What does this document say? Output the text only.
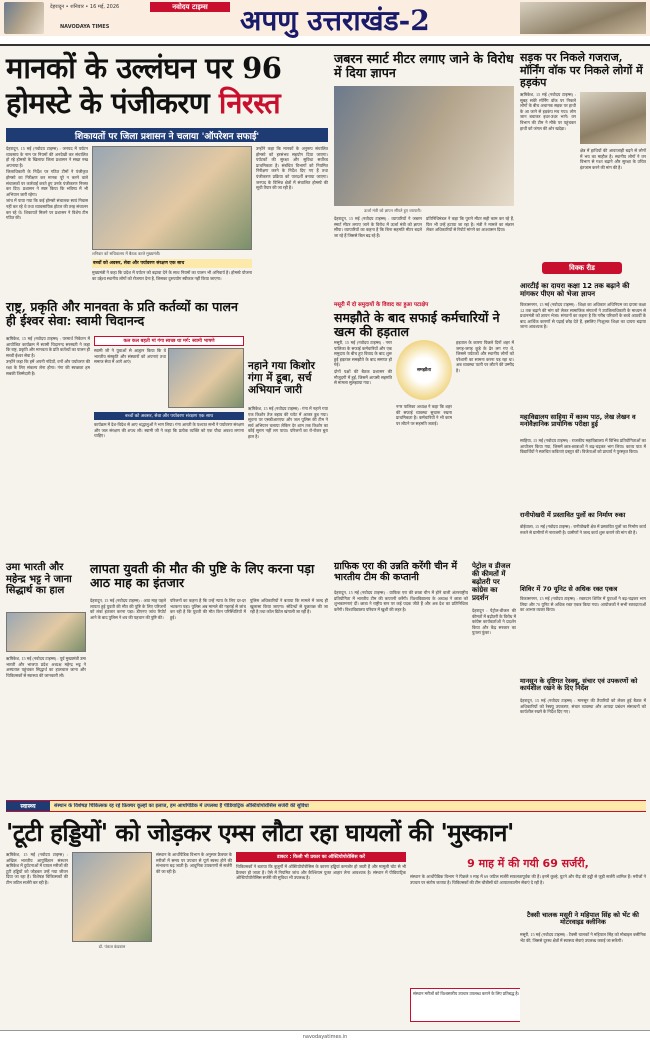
देहरादून • शनिवार • 16 मई, 2026	नवोदय टाइम्स
NAVODAYA TIMES	अपणु उत्तराखंड-2
मानकों के उल्लंघन पर 96
होमस्टे के पंजीकरण निरस्त
शिकायतों पर जिला प्रशासन ने चलाया 'ऑपरेशन सफाई'

देहरादून, 15 मई (नवोदय टाइम्स) : जनपद में पर्यटन व्यवसाय के नाम पर नियमों की अनदेखी कर संचालित हो रहे होमस्टे के खिलाफ जिला प्रशासन ने सख्त रुख अपनाया है।

जिलाधिकारी के निर्देश पर गठित टीमों ने पंजीकृत होमस्टे का निरीक्षण कर मानक पूरे न करने वाले संचालकों पर कार्रवाई करते हुए उनके पंजीकरण निरस्त कर दिए। प्रशासन ने स्पष्ट किया कि भविष्य में भी अभियान जारी रहेगा।

जांच में पाया गया कि कई होमस्टे संचालक स्वयं निवास नहीं कर रहे थे तथा व्यावसायिक होटल की तरह संचालन कर रहे थे। शिकायतें मिलने पर प्रशासन ने विशेष टीम गठित की।

शनिवार को सचिवालय में बैठक करते मुख्यमंत्री।
बच्चों को अवसर, सेवा और पर्यावरण संरक्षण एक साथ

मुख्यमंत्री ने कहा कि प्रदेश में पर्यटन को बढ़ावा देने के साथ नियमों का पालन भी अनिवार्य है। होमस्टे योजना का उद्देश्य स्थानीय लोगों को रोजगार देना है, जिसका दुरुपयोग स्वीकार नहीं किया जाएगा।

उन्होंने कहा कि मानकों के अनुरूप संचालित होमस्टे को हरसंभव सहयोग दिया जाएगा। पर्यटकों की सुरक्षा और सुविधा सर्वोच्च प्राथमिकता है। संबंधित विभागों को नियमित निरीक्षण करने के निर्देश दिए गए हैं तथा पंजीकरण प्रक्रिया को पारदर्शी बनाया जाएगा। जनपद के विभिन्न क्षेत्रों में संचालित होमस्टे की सूची तैयार की जा रही है।

जबरन स्मार्ट मीटर लगाए जाने के विरोध में दिया ज्ञापन
ऊर्जा मंत्री को ज्ञापन सौंपते हुए व्यापारी।

देहरादून, 15 मई (नवोदय टाइम्स) : व्यापारियों ने जबरन स्मार्ट मीटर लगाए जाने के विरोध में ऊर्जा मंत्री को ज्ञापन सौंपा। व्यापारियों का कहना है कि बिना सहमति मीटर बदले जा रहे हैं जिससे बिल बढ़ रहे हैं।

प्रतिनिधिमंडल ने कहा कि पुराने मीटर सही काम कर रहे हैं, फिर भी उन्हें हटाया जा रहा है। मंत्री ने मामले का संज्ञान लेकर अधिकारियों से रिपोर्ट मांगने का आश्वासन दिया।

सड़क पर निकले गजराज, मॉर्निंग वॉक पर निकले लोगों में हड़कंप

ऋषिकेश, 15 मई (नवोदय टाइम्स) : सुबह सवेरे मॉर्निंग वॉक पर निकले लोगों के बीच अचानक सड़क पर हाथी के आ जाने से हड़कंप मच गया। लोग जान बचाकर इधर-उधर भागे। वन विभाग की टीम ने मौके पर पहुंचकर हाथी को जंगल की ओर खदेड़ा।

क्षेत्र में हाथियों की आवाजाही बढ़ने से लोगों में भय का माहौल है। स्थानीय लोगों ने वन विभाग से गश्त बढ़ाने और सुरक्षा के उचित इंतजाम करने की मांग की है।

राष्ट्र, प्रकृति और मानवता के प्रति कर्तव्यों का पालन ही ईश्वर सेवा: स्वामी चिदानन्द

ऋषिकेश, 15 मई (नवोदय टाइम्स) : परमार्थ निकेतन में आयोजित कार्यक्रम में स्वामी चिदानन्द सरस्वती ने कहा कि राष्ट्र, प्रकृति और मानवता के प्रति कर्तव्यों का पालन ही सच्ची ईश्वर सेवा है।

उन्होंने कहा कि हमें अपनी नदियों, वनों और पर्यावरण की रक्षा के लिए संकल्प लेना होगा। गंगा की स्वच्छता हम सबकी जिम्मेदारी है।

कल कल बहती मां गंगा स्वच्छ था मर्ग: स्वामी भाषणे

स्वामी जी ने युवाओं से आह्वान किया कि वे भारतीय संस्कृति और संस्कारों को अपनाएं तथा समाज सेवा में आगे आएं।

बच्चों को अवसर, सेवा और पर्यावरण संरक्षण एक साथ

कार्यक्रम में देश-विदेश से आए श्रद्धालुओं ने भाग लिया। गंगा आरती के पश्चात सभी ने पर्यावरण संरक्षण और जल संरक्षण की शपथ ली। स्वामी जी ने कहा कि प्रत्येक व्यक्ति को एक पौधा अवश्य लगाना चाहिए।

नहाने गया किशोर गंगा में डूबा, सर्च अभियान जारी

ऋषिकेश, 15 मई (नवोदय टाइम्स) : गंगा में नहाने गया एक किशोर तेज बहाव की चपेट में आकर डूब गया। सूचना पर एसडीआरएफ और जल पुलिस की टीम ने सर्च अभियान चलाया लेकिन देर शाम तक किशोर का कोई सुराग नहीं लग पाया। परिजनों का रो-रोकर बुरा हाल है।

मसूरी में दो समुदायों के विवाद का हुआ पटाक्षेप
समझौते के बाद सफाई कर्मचारियों ने खत्म की हड़ताल

मसूरी, 15 मई (नवोदय टाइम्स) : नगर पालिका के सफाई कर्मचारियों और एक समुदाय के बीच हुए विवाद के बाद शुरू हुई हड़ताल समझौते के बाद समाप्त हो गई।

दोनों पक्षों की बैठक प्रशासन की मौजूदगी में हुई, जिसमें आपसी सहमति से मामला सुलझाया गया।

समझौता

नगर पालिका अध्यक्ष ने कहा कि शहर की सफाई व्यवस्था सुचारू रखना प्राथमिकता है। कर्मचारियों ने भी काम पर लौटने पर सहमति जताई।

हड़ताल के कारण पिछले दिनों शहर में जगह-जगह कूड़े के ढेर लग गए थे, जिससे पर्यटकों और स्थानीय लोगों को परेशानी का सामना करना पड़ रहा था। अब व्यवस्था पटरी पर लौटने की उम्मीद है।

विक्क रीड
आरटीई का दायरा कक्षा 12 तक बढ़ाने की मांगकर पीएम को भेजा ज्ञापन

विकासनगर, 15 मई (नवोदय टाइम्स) : शिक्षा का अधिकार अधिनियम का दायरा कक्षा 12 तक बढ़ाने की मांग को लेकर सामाजिक संगठनों ने उपजिलाधिकारी के माध्यम से प्रधानमंत्री को ज्ञापन भेजा। संगठनों का कहना है कि गरीब परिवारों के बच्चे आठवीं के बाद आर्थिक कारणों से पढ़ाई छोड़ देते हैं, इसलिए निःशुल्क शिक्षा का दायरा बढ़ाया जाना आवश्यक है।

महाविद्यालय साहिया में काव्य पाठ, लेख लेखन व मनोवैज्ञानिक प्रायोगिक परीक्षा हुई

साहिया, 15 मई (नवोदय टाइम्स) : राजकीय महाविद्यालय में विभिन्न प्रतियोगिताओं का आयोजन किया गया, जिसमें छात्र-छात्राओं ने बढ़-चढ़कर भाग लिया। काव्य पाठ में विद्यार्थियों ने स्वरचित कविताएं प्रस्तुत कीं। विजेताओं को प्राचार्य ने पुरस्कृत किया।

रानीपोखरी में प्रस्तावित पुलों का निर्माण रुका

डोईवाला, 15 मई (नवोदय टाइम्स) : रानीपोखरी क्षेत्र में प्रस्तावित पुलों का निर्माण कार्य रुकने से ग्रामीणों में नाराजगी है। ग्रामीणों ने जल्द कार्य शुरू कराने की मांग की है।

उमा भारती और महेन्द्र भट्ट ने जाना सिद्धार्थ का हाल

ऋषिकेश, 15 मई (नवोदय टाइम्स) : पूर्व मुख्यमंत्री उमा भारती और भाजपा प्रदेश अध्यक्ष महेन्द्र भट्ट ने अस्पताल पहुंचकर सिद्धार्थ का हालचाल जाना और चिकित्सकों से स्वास्थ्य की जानकारी ली।

लापता युवती की मौत की पुष्टि के लिए करना पड़ा आठ माह का इंतजार

देहरादून, 15 मई (नवोदय टाइम्स) : आठ माह पहले लापता हुई युवती की मौत की पुष्टि के लिए परिजनों को लंबा इंतजार करना पड़ा। डीएनए जांच रिपोर्ट आने के बाद पुलिस ने शव की पहचान की पुष्टि की।

परिजनों का कहना है कि उन्हें न्याय के लिए दर-दर भटकना पड़ा। पुलिस अब मामले की गहराई से जांच कर रही है कि युवती की मौत किन परिस्थितियों में हुई।

पुलिस अधिकारियों ने बताया कि मामले में जल्द ही खुलासा किया जाएगा। संदिग्धों से पूछताछ की जा रही है तथा कॉल डिटेल खंगाली जा रही है।

ग्राफिक एरा की उन्नति करेंगी चीन में भारतीय टीम की कप्तानी

देहरादून, 15 मई (नवोदय टाइम्स) : ग्राफिक एरा की छात्रा चीन में होने वाली अंतरराष्ट्रीय प्रतियोगिता में भारतीय टीम की कप्तानी करेंगी। विश्वविद्यालय के अध्यक्ष ने छात्रा को शुभकामनाएं दीं। छात्रा ने राष्ट्रीय स्तर पर कई पदक जीते हैं और अब देश का प्रतिनिधित्व करेंगी। विश्वविद्यालय परिवार में खुशी की लहर है।

पेट्रोल व डीजल की कीमतों में बढ़ोतरी पर कांग्रेस का प्रदर्शन

देहरादून : पेट्रोल-डीजल की कीमतों में बढ़ोतरी के विरोध में कांग्रेस कार्यकर्ताओं ने प्रदर्शन किया और केंद्र सरकार का पुतला फूंका।

शिविर में 70 यूनिट से अधिक रक्त एकत्र

विकासनगर, 15 मई (नवोदय टाइम्स) : रक्तदान शिविर में युवाओं ने बढ़-चढ़कर भाग लिया और 70 यूनिट से अधिक रक्त एकत्र किया गया। आयोजकों ने सभी रक्तदाताओं का आभार व्यक्त किया।

मानसून के दृष्टिगत रेस्क्यू, संचार एवं उपकरणों को कार्यशील रखने के दिए निर्देश

देहरादून, 15 मई (नवोदय टाइम्स) : मानसून की तैयारियों को लेकर हुई बैठक में अधिकारियों को रेस्क्यू उपकरण, संचार व्यवस्था और आपदा प्रबंधन संसाधनों को कार्यशील रखने के निर्देश दिए गए।

स्वास्थ्य	संस्थान के विशेषज्ञ चिकित्सक रह रहे फ्रिक्चर कूल्हों का इलाज, हम आर्थोपेडिक में उपलब्ध है पीडियाट्रिक ऑस्टियोपोरोसिस सर्जरी की सुविधा
'टूटी हड्डियों' को जोड़कर एम्स लौटा रहा घायलों की 'मुस्कान'

ऋषिकेश, 15 मई (नवोदय टाइम्स) : अखिल भारतीय आयुर्विज्ञान संस्थान ऋषिकेश में दुर्घटनाओं में घायल मरीजों की टूटी हड्डियों को जोड़कर उन्हें नया जीवन दिया जा रहा है। विशेषज्ञ चिकित्सकों की टीम जटिल सर्जरी कर रही है।

डॉ. पंकज कंडवाल

संस्थान के आर्थोपेडिक विभाग के अनुसार फ्रैक्चर के मरीजों में समय पर उपचार से पूर्ण स्वस्थ होने की संभावना बढ़ जाती है। आधुनिक उपकरणों से सर्जरी की जा रही है।

डाक्टर : किसी भी प्रकार का ऑस्टियोपोरोसिस करें

चिकित्सकों ने बताया कि बुजुर्गों में ऑस्टियोपोरोसिस के कारण हड्डियां कमजोर हो जाती हैं और मामूली चोट से भी फ्रैक्चर हो जाता है। ऐसे में नियमित जांच और कैल्शियम युक्त आहार लेना आवश्यक है। संस्थान में पीडियाट्रिक ऑस्टियोपोरोसिस सर्जरी की सुविधा भी उपलब्ध है।

9 माह में की गयी 69 सर्जरी,

संस्थान के आर्थोपेडिक विभाग ने पिछले 9 माह में 69 जटिल सर्जरी सफलतापूर्वक की हैं। इनमें कूल्हे, घुटने और रीढ़ की हड्डी से जुड़ी सर्जरी शामिल हैं। मरीजों ने उपचार पर संतोष जताया है। चिकित्सकों की टीम चौबीसों घंटे आपातकालीन सेवाएं दे रही है।

संस्थान मरीजों को विश्वस्तरीय उपचार उपलब्ध कराने के लिए प्रतिबद्ध है।

टैक्सी चालक मसूरी ने महिपाल सिंह को भेंट की मोटरवाइड क्लीनिक

मसूरी, 15 मई (नवोदय टाइम्स) : टैक्सी चालकों ने महिपाल सिंह को मोबाइल क्लीनिक भेंट की, जिससे दूरस्थ क्षेत्रों में स्वास्थ्य सेवाएं उपलब्ध कराई जा सकेंगी।

navodayatimes.in
